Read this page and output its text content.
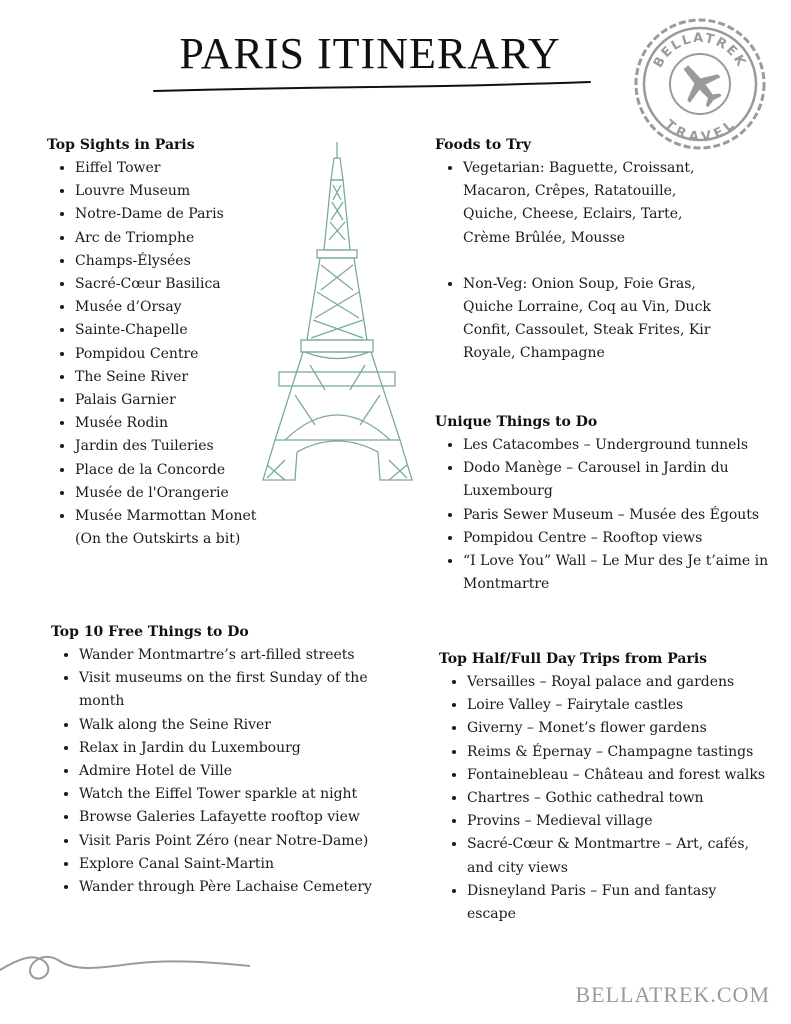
PARIS ITINERARY	BELLATREK
TRAVEL
Top Sights in Paris
• Eiffel Tower
• Louvre Museum
• Notre-Dame de Paris
• Arc de Triomphe
• Champs-Élysées
• Sacré-Cœur Basilica
• Musée d’Orsay
• Sainte-Chapelle
• Pompidou Centre
• The Seine River
• Palais Garnier
• Musée Rodin
• Jardin des Tuileries
• Place de la Concorde
• Musée de l'Orangerie
• Musée Marmottan Monet
(On the Outskirts a bit)
Foods to Try
• Vegetarian: Baguette, Croissant,
Macaron, Crêpes, Ratatouille,
Quiche, Cheese, Eclairs, Tarte,
Crème Brûlée, Mousse
• Non-Veg: Onion Soup, Foie Gras,
Quiche Lorraine, Coq au Vin, Duck
Confit, Cassoulet, Steak Frites, Kir
Royale, Champagne
Unique Things to Do
• Les Catacombes – Underground tunnels
• Dodo Manège – Carousel in Jardin du
Luxembourg
• Paris Sewer Museum – Musée des Égouts
• Pompidou Centre – Rooftop views
• “I Love You” Wall – Le Mur des Je t’aime in
Montmartre
Top 10 Free Things to Do
• Wander Montmartre’s art-filled streets
• Visit museums on the first Sunday of the
month
• Walk along the Seine River
• Relax in Jardin du Luxembourg
• Admire Hotel de Ville
• Watch the Eiffel Tower sparkle at night
• Browse Galeries Lafayette rooftop view
• Visit Paris Point Zéro (near Notre-Dame)
• Explore Canal Saint-Martin
• Wander through Père Lachaise Cemetery
Top Half/Full Day Trips from Paris
• Versailles – Royal palace and gardens
• Loire Valley – Fairytale castles
• Giverny – Monet’s flower gardens
• Reims & Épernay – Champagne tastings
• Fontainebleau – Château and forest walks
• Chartres – Gothic cathedral town
• Provins – Medieval village
• Sacré-Cœur & Montmartre – Art, cafés,
and city views
• Disneyland Paris – Fun and fantasy
escape
BELLATREK.COM
